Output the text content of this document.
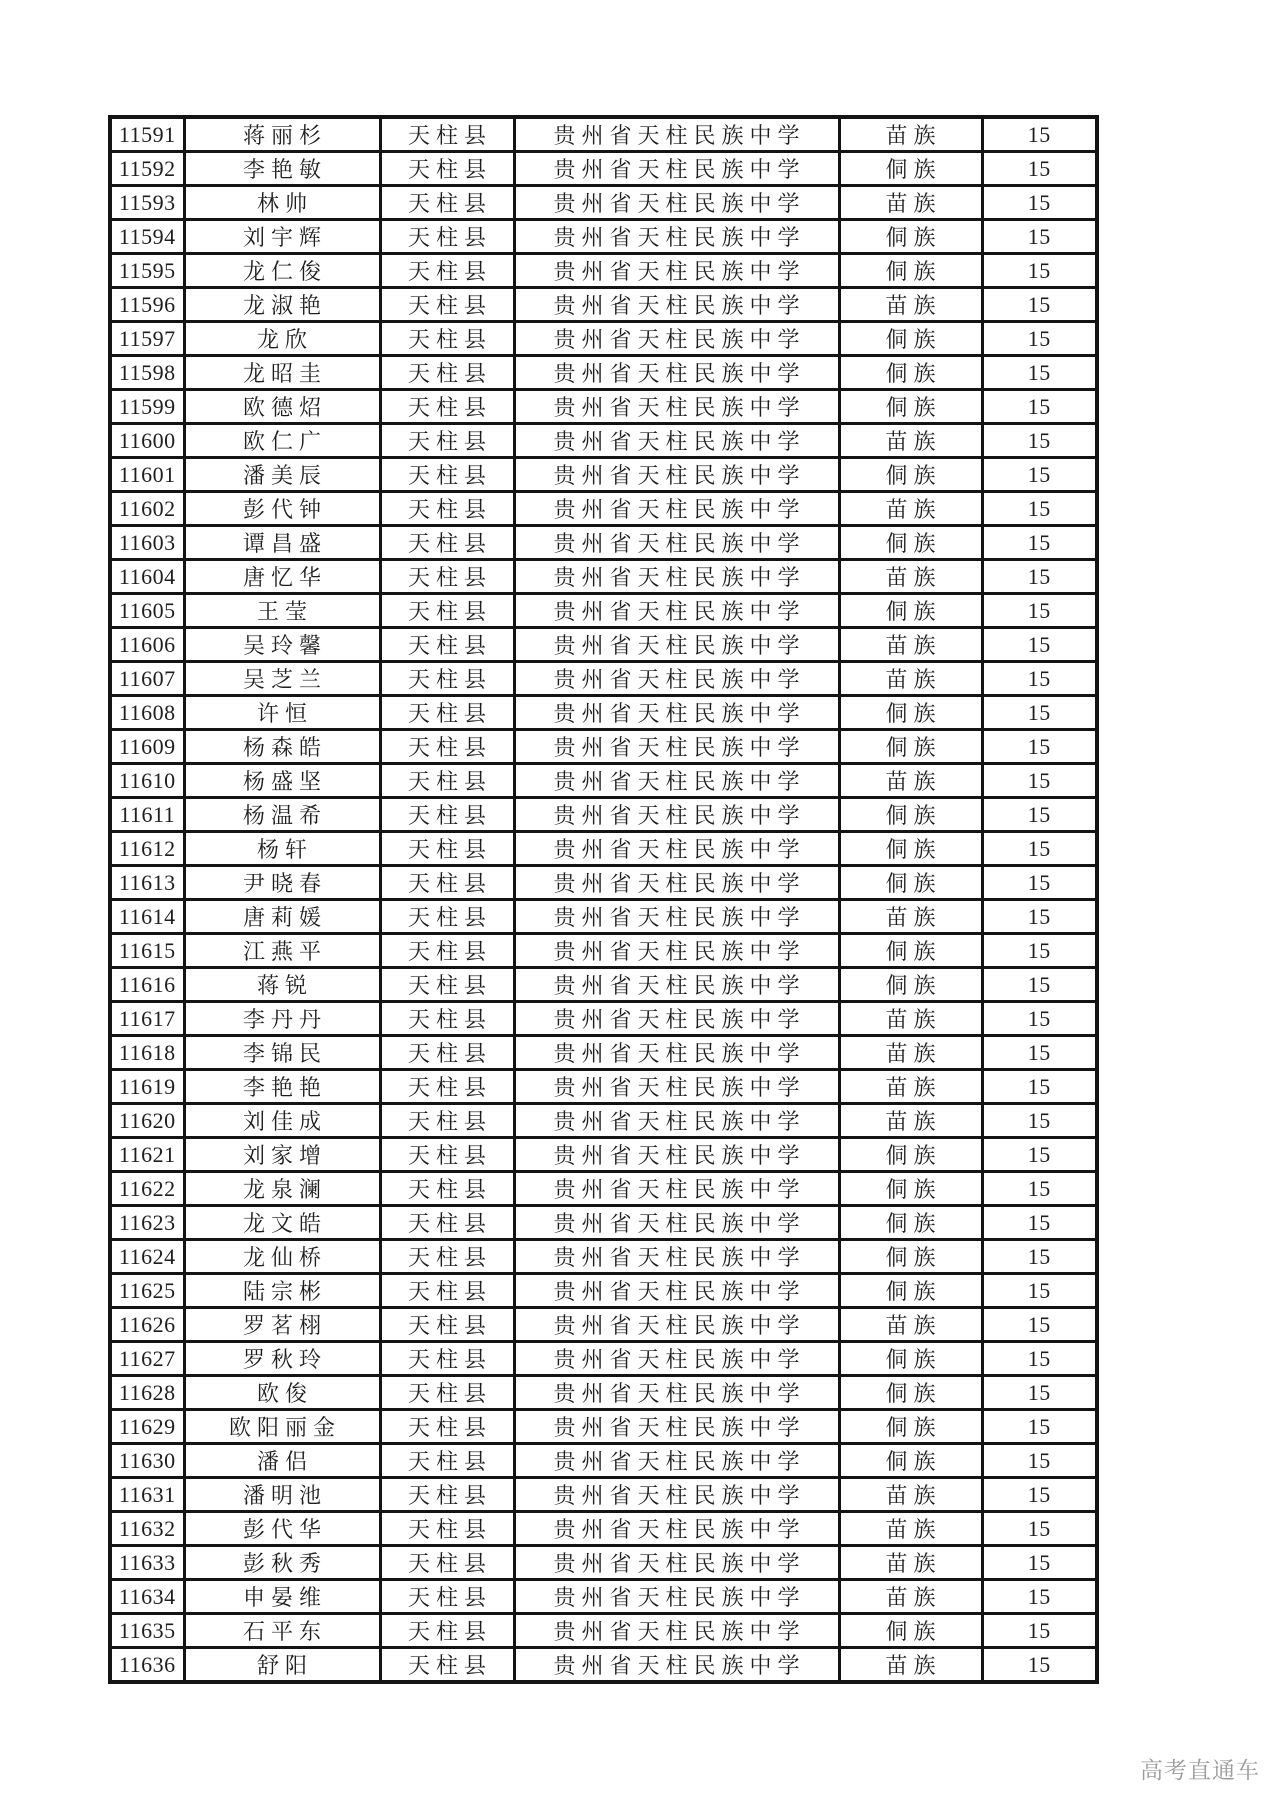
11591	蒋丽杉	天柱县	贵州省天柱民族中学	苗族	15
11592	李艳敏	天柱县	贵州省天柱民族中学	侗族	15
11593	林帅	天柱县	贵州省天柱民族中学	苗族	15
11594	刘宇辉	天柱县	贵州省天柱民族中学	侗族	15
11595	龙仁俊	天柱县	贵州省天柱民族中学	侗族	15
11596	龙淑艳	天柱县	贵州省天柱民族中学	苗族	15
11597	龙欣	天柱县	贵州省天柱民族中学	侗族	15
11598	龙昭圭	天柱县	贵州省天柱民族中学	侗族	15
11599	欧德炤	天柱县	贵州省天柱民族中学	侗族	15
11600	欧仁广	天柱县	贵州省天柱民族中学	苗族	15
11601	潘美辰	天柱县	贵州省天柱民族中学	侗族	15
11602	彭代钟	天柱县	贵州省天柱民族中学	苗族	15
11603	谭昌盛	天柱县	贵州省天柱民族中学	侗族	15
11604	唐忆华	天柱县	贵州省天柱民族中学	苗族	15
11605	王莹	天柱县	贵州省天柱民族中学	侗族	15
11606	吴玲馨	天柱县	贵州省天柱民族中学	苗族	15
11607	吴芝兰	天柱县	贵州省天柱民族中学	苗族	15
11608	许恒	天柱县	贵州省天柱民族中学	侗族	15
11609	杨森皓	天柱县	贵州省天柱民族中学	侗族	15
11610	杨盛坚	天柱县	贵州省天柱民族中学	苗族	15
11611	杨温希	天柱县	贵州省天柱民族中学	侗族	15
11612	杨轩	天柱县	贵州省天柱民族中学	侗族	15
11613	尹晓春	天柱县	贵州省天柱民族中学	侗族	15
11614	唐莉媛	天柱县	贵州省天柱民族中学	苗族	15
11615	江燕平	天柱县	贵州省天柱民族中学	侗族	15
11616	蒋锐	天柱县	贵州省天柱民族中学	侗族	15
11617	李丹丹	天柱县	贵州省天柱民族中学	苗族	15
11618	李锦民	天柱县	贵州省天柱民族中学	苗族	15
11619	李艳艳	天柱县	贵州省天柱民族中学	苗族	15
11620	刘佳成	天柱县	贵州省天柱民族中学	苗族	15
11621	刘家增	天柱县	贵州省天柱民族中学	侗族	15
11622	龙泉澜	天柱县	贵州省天柱民族中学	侗族	15
11623	龙文皓	天柱县	贵州省天柱民族中学	侗族	15
11624	龙仙桥	天柱县	贵州省天柱民族中学	侗族	15
11625	陆宗彬	天柱县	贵州省天柱民族中学	侗族	15
11626	罗茗栩	天柱县	贵州省天柱民族中学	苗族	15
11627	罗秋玲	天柱县	贵州省天柱民族中学	侗族	15
11628	欧俊	天柱县	贵州省天柱民族中学	侗族	15
11629	欧阳丽金	天柱县	贵州省天柱民族中学	侗族	15
11630	潘侣	天柱县	贵州省天柱民族中学	侗族	15
11631	潘明池	天柱县	贵州省天柱民族中学	苗族	15
11632	彭代华	天柱县	贵州省天柱民族中学	苗族	15
11633	彭秋秀	天柱县	贵州省天柱民族中学	苗族	15
11634	申晏维	天柱县	贵州省天柱民族中学	苗族	15
11635	石平东	天柱县	贵州省天柱民族中学	侗族	15
11636	舒阳	天柱县	贵州省天柱民族中学	苗族	15
高考直通车
